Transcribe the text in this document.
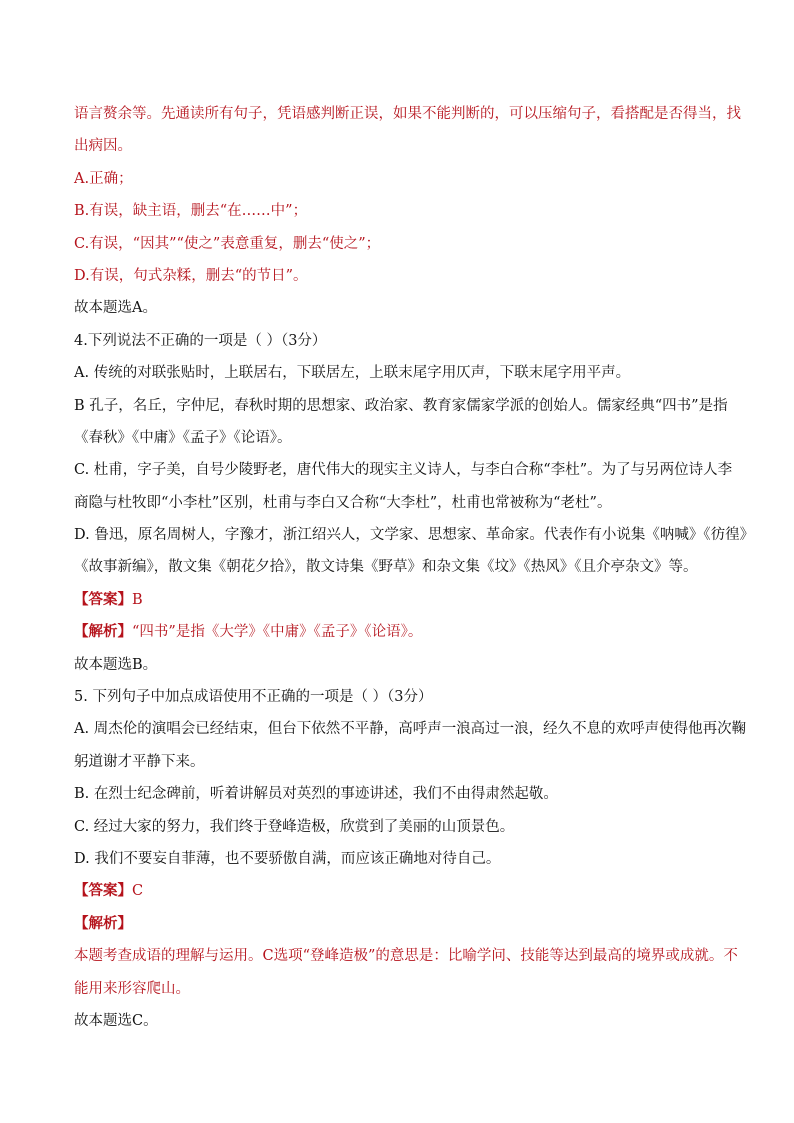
语言赘余等。先通读所有句子，凭语感判断正误，如果不能判断的，可以压缩句子，看搭配是否得当，找
出病因。
A.正确；
B.有误，缺主语，删去“在……中”；
C.有误，“因其”“使之”表意重复，删去“使之”；
D.有误，句式杂糅，删去“的节日”。
故本题选A。
4.下列说法不正确的一项是（ ）（3分）
A. 传统的对联张贴时，上联居右，下联居左，上联末尾字用仄声，下联末尾字用平声。
B 孔子，名丘，字仲尼，春秋时期的思想家、政治家、教育家儒家学派的创始人。儒家经典“四书”是指
《春秋》《中庸》《孟子》《论语》。
C. 杜甫，字子美，自号少陵野老，唐代伟大的现实主义诗人，与李白合称“李杜”。为了与另两位诗人李
商隐与杜牧即“小李杜”区别，杜甫与李白又合称“大李杜”，杜甫也常被称为“老杜”。
D. 鲁迅，原名周树人，字豫才，浙江绍兴人，文学家、思想家、革命家。代表作有小说集《呐喊》《彷徨》
《故事新编》，散文集《朝花夕拾》，散文诗集《野草》和杂文集《坟》《热风》《且介亭杂文》等。
【答案】B
【解析】“四书”是指《大学》《中庸》《孟子》《论语》。
故本题选B。
5. 下列句子中加点成语使用不正确的一项是（ ）（3分）
A. 周杰伦的演唱会已经结束，但台下依然不平静，高呼声一浪高过一浪，经久不息的欢呼声使得他再次鞠
躬道谢才平静下来。
B. 在烈士纪念碑前，听着讲解员对英烈的事迹讲述，我们不由得肃然起敬。
C. 经过大家的努力，我们终于登峰造极，欣赏到了美丽的山顶景色。
D. 我们不要妄自菲薄，也不要骄傲自满，而应该正确地对待自己。
【答案】C
【解析】
本题考查成语的理解与运用。C选项“登峰造极”的意思是：比喻学问、技能等达到最高的境界或成就。不
能用来形容爬山。
故本题选C。
